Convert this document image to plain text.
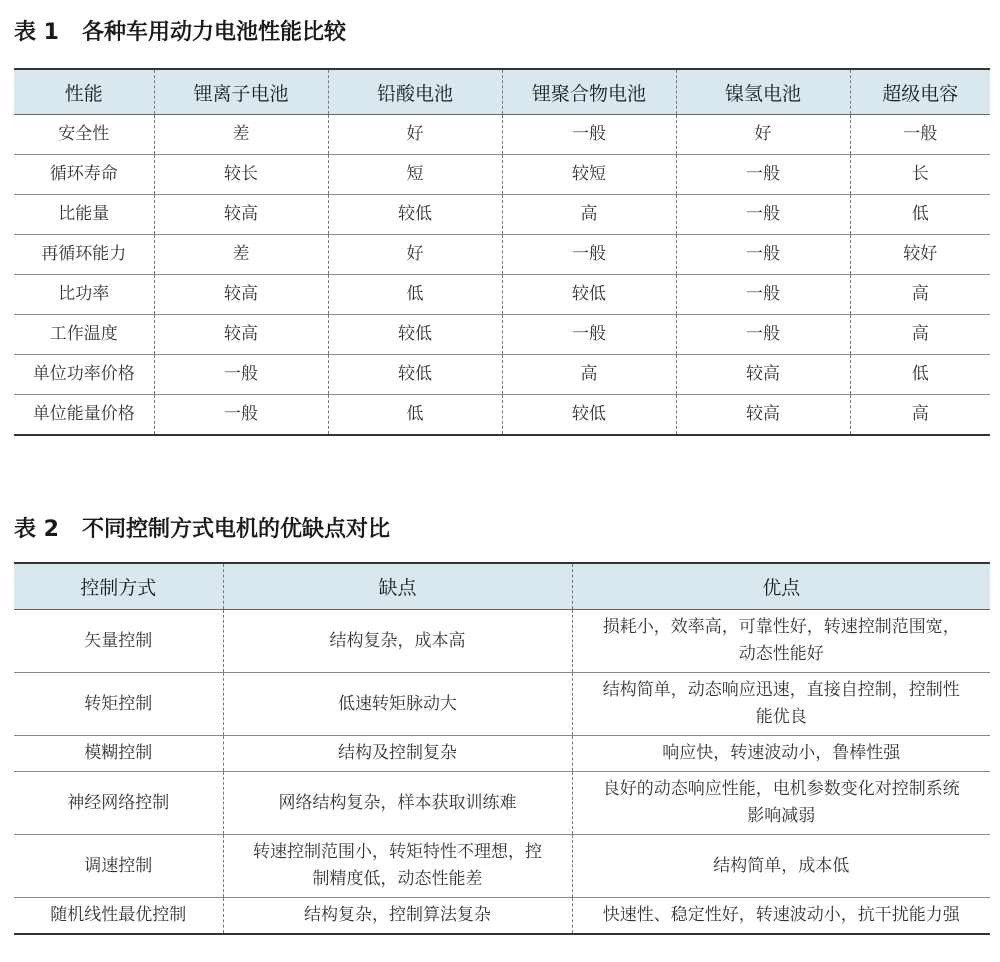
表 1 各种车用动力电池性能比较
性能	锂离子电池	铅酸电池	锂聚合物电池	镍氢电池	超级电容
安全性	差	好	一般	好	一般
循环寿命	较长	短	较短	一般	长
比能量	较高	较低	高	一般	低
再循环能力	差	好	一般	一般	较好
比功率	较高	低	较低	一般	高
工作温度	较高	较低	一般	一般	高
单位功率价格	一般	较低	高	较高	低
单位能量价格	一般	低	较低	较高	高
表 2 不同控制方式电机的优缺点对比
控制方式	缺点	优点
矢量控制	结构复杂，成本高	损耗小，效率高，可靠性好，转速控制范围宽，动态性能好
转矩控制	低速转矩脉动大	结构简单，动态响应迅速，直接自控制，控制性能优良
模糊控制	结构及控制复杂	响应快，转速波动小，鲁棒性强
神经网络控制	网络结构复杂，样本获取训练难	良好的动态响应性能，电机参数变化对控制系统影响减弱
调速控制	转速控制范围小，转矩特性不理想，控制精度低，动态性能差	结构简单，成本低
随机线性最优控制	结构复杂，控制算法复杂	快速性、稳定性好，转速波动小，抗干扰能力强
